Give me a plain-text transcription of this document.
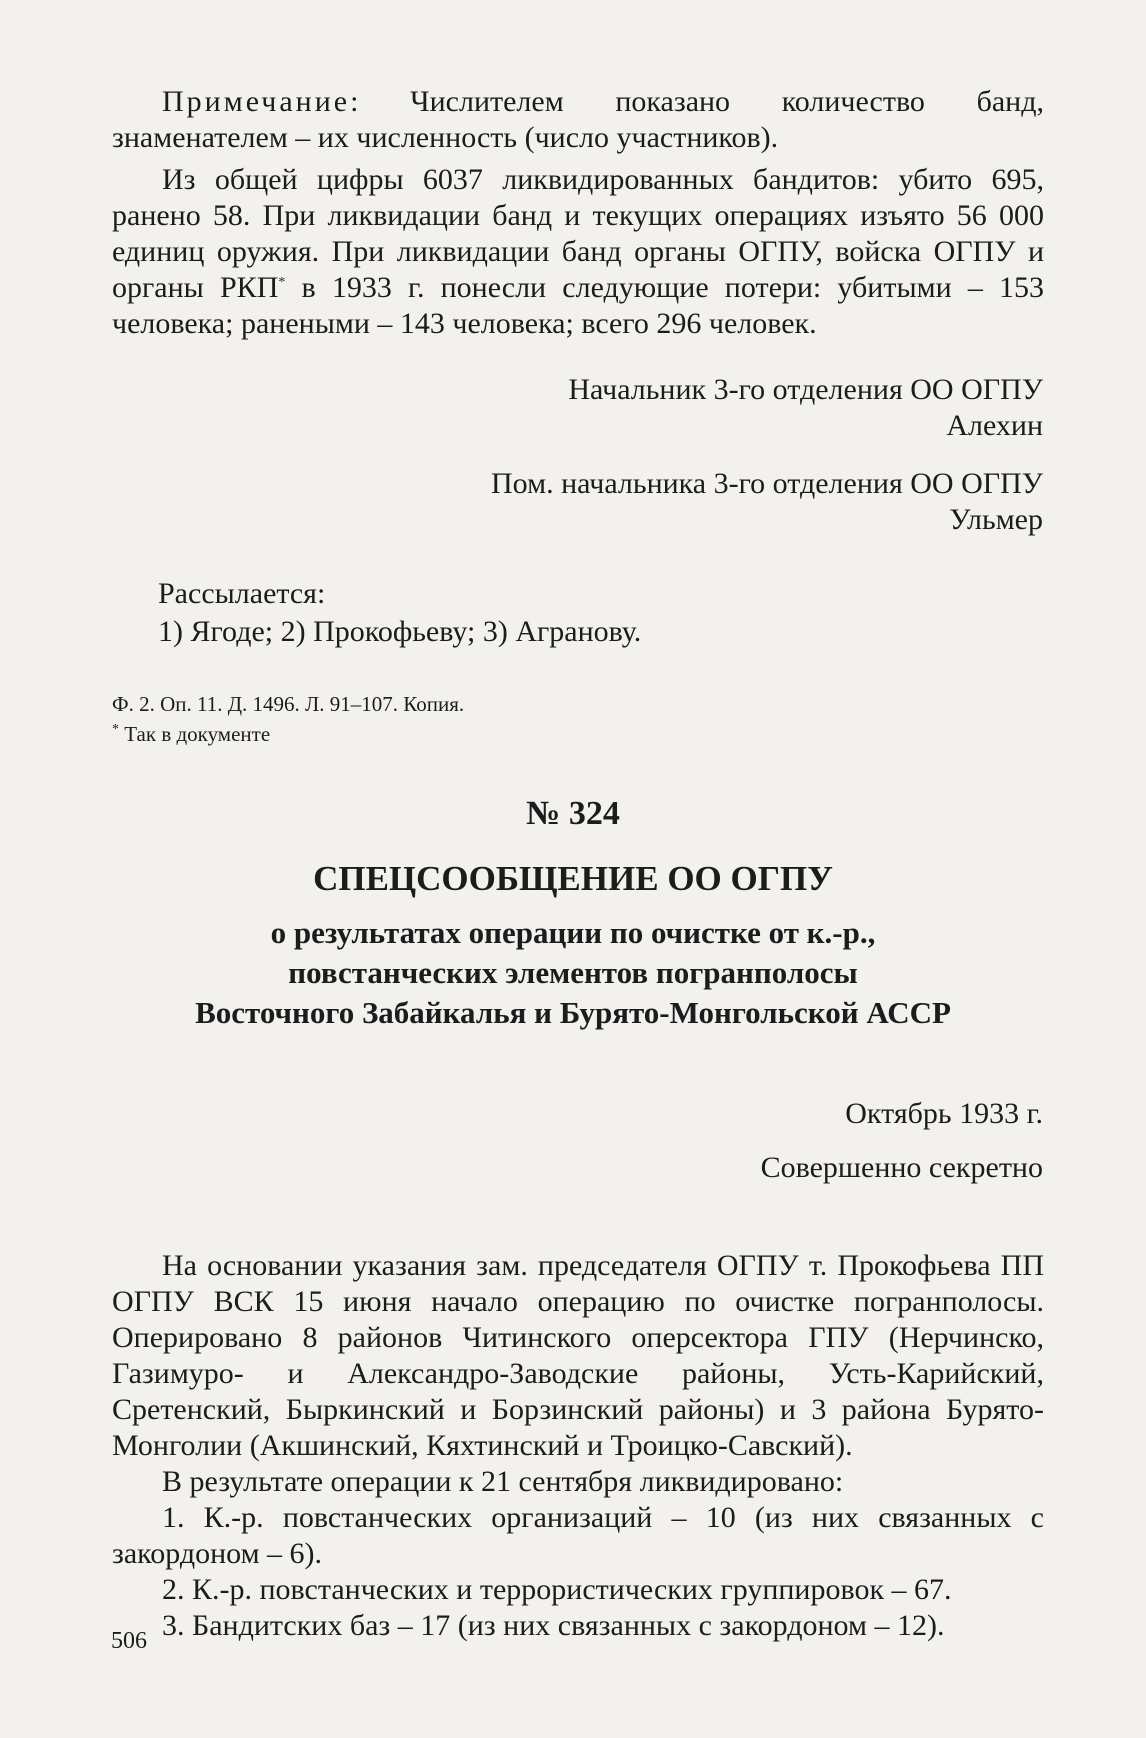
Примечание: Числителем показано количество банд, знаменателем – их численность (число участников).

Из общей цифры 6037 ликвидированных бандитов: убито 695, ранено 58. При ликвидации банд и текущих операциях изъято 56 000 единиц оружия. При ликвидации банд органы ОГПУ, войска ОГПУ и органы РКП* в 1933 г. понесли следующие потери: убитыми – 153 человека; ранеными – 143 человека; всего 296 человек.

Начальник 3-го отделения ОО ОГПУ

Алехин

Пом. начальника 3-го отделения ОО ОГПУ

Ульмер

Рассылается:

1) Ягоде; 2) Прокофьеву; 3) Агранову.

Ф. 2. Оп. 11. Д. 1496. Л. 91–107. Копия.

* Так в документе

№ 324

СПЕЦСООБЩЕНИЕ ОО ОГПУ

о результатах операции по очистке от к.-р.,

повстанческих элементов погранполосы

Восточного Забайкалья и Бурято-Монгольской АССР

Октябрь 1933 г.

Совершенно секретно

На основании указания зам. председателя ОГПУ т. Прокофьева ПП ОГПУ ВСК 15 июня начало операцию по очистке погранполосы. Оперировано 8 районов Читинского оперсектора ГПУ (Нерчинско, Газимуро- и Александро-Заводские районы, Усть-Карийский, Сретенский, Быркинский и Борзинский районы) и 3 района Бурято-Монголии (Акшинский, Кяхтинский и Троицко-Савский).

В результате операции к 21 сентября ликвидировано:

1. К.-р. повстанческих организаций – 10 (из них связанных с закордоном – 6).

2. К.-р. повстанческих и террористических группировок – 67.

3. Бандитских баз – 17 (из них связанных с закордоном – 12).

506
